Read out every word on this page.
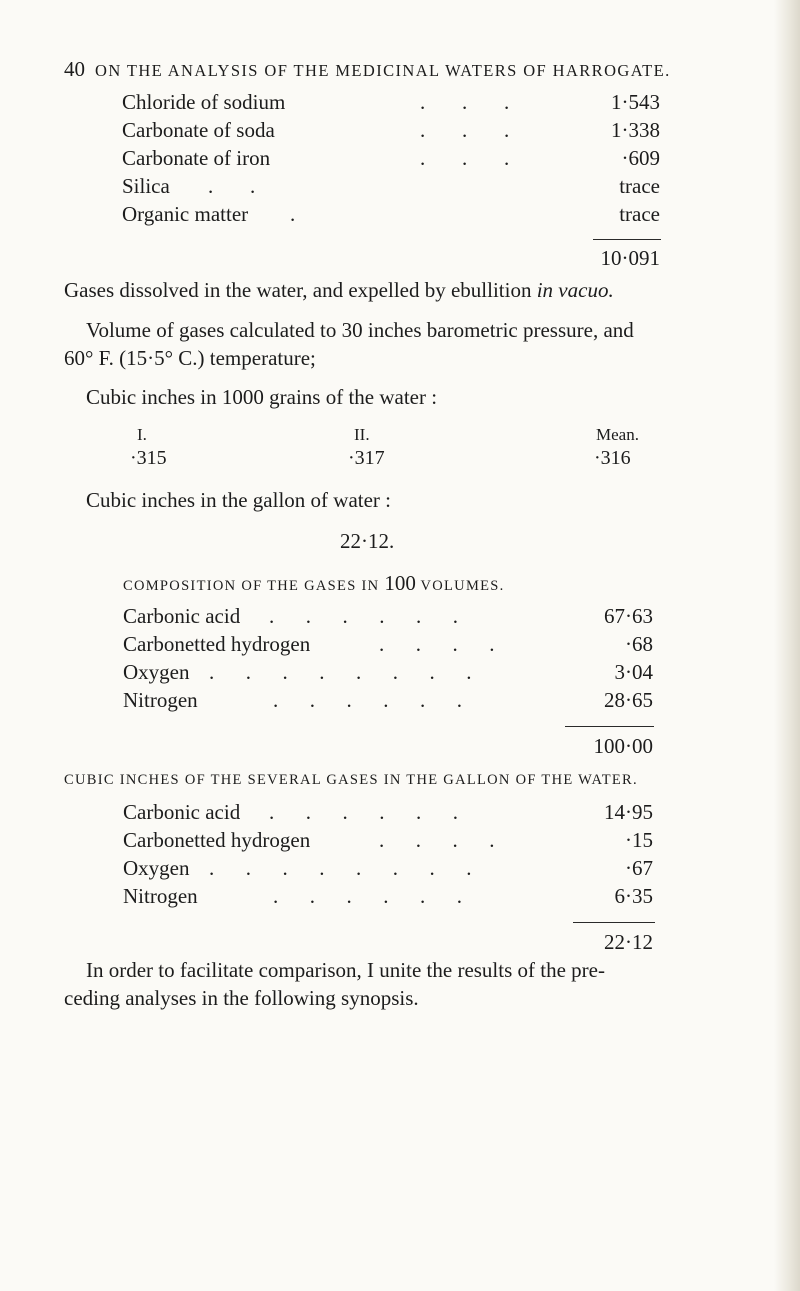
40 ON THE ANALYSIS OF THE MEDICINAL WATERS OF HARROGATE.
Chloride of sodium	.       .       .	1·543
Carbonate of soda	.       .       .	1·338
Carbonate of iron	.       .       .	·609
Silica .       .	trace
Organic matter .	trace
10·091
Gases dissolved in the water, and expelled by ebullition in vacuo.
Volume of gases calculated to 30 inches barometric pressure, and
60° F. (15·5° C.) temperature;
Cubic inches in 1000 grains of the water :
I.	II.	Mean.
·315	·317	·316
Cubic inches in the gallon of water :
22·12.
COMPOSITION OF THE GASES IN 100 VOLUMES.
Carbonic acid .      .      .      .      .      .	67·63
Carbonetted hydrogen	.      .      .      .	·68
Oxygen .      .      .      .      .      .      .      .	3·04
Nitrogen	.      .      .      .      .      .	28·65
100·00
CUBIC INCHES OF THE SEVERAL GASES IN THE GALLON OF THE WATER.
Carbonic acid .      .      .      .      .      .	14·95
Carbonetted hydrogen	.      .      .      .	·15
Oxygen .      .      .      .      .      .      .      .	·67
Nitrogen	.      .      .      .      .      .	6·35
22·12
In order to facilitate comparison, I unite the results of the pre-
ceding analyses in the following synopsis.
